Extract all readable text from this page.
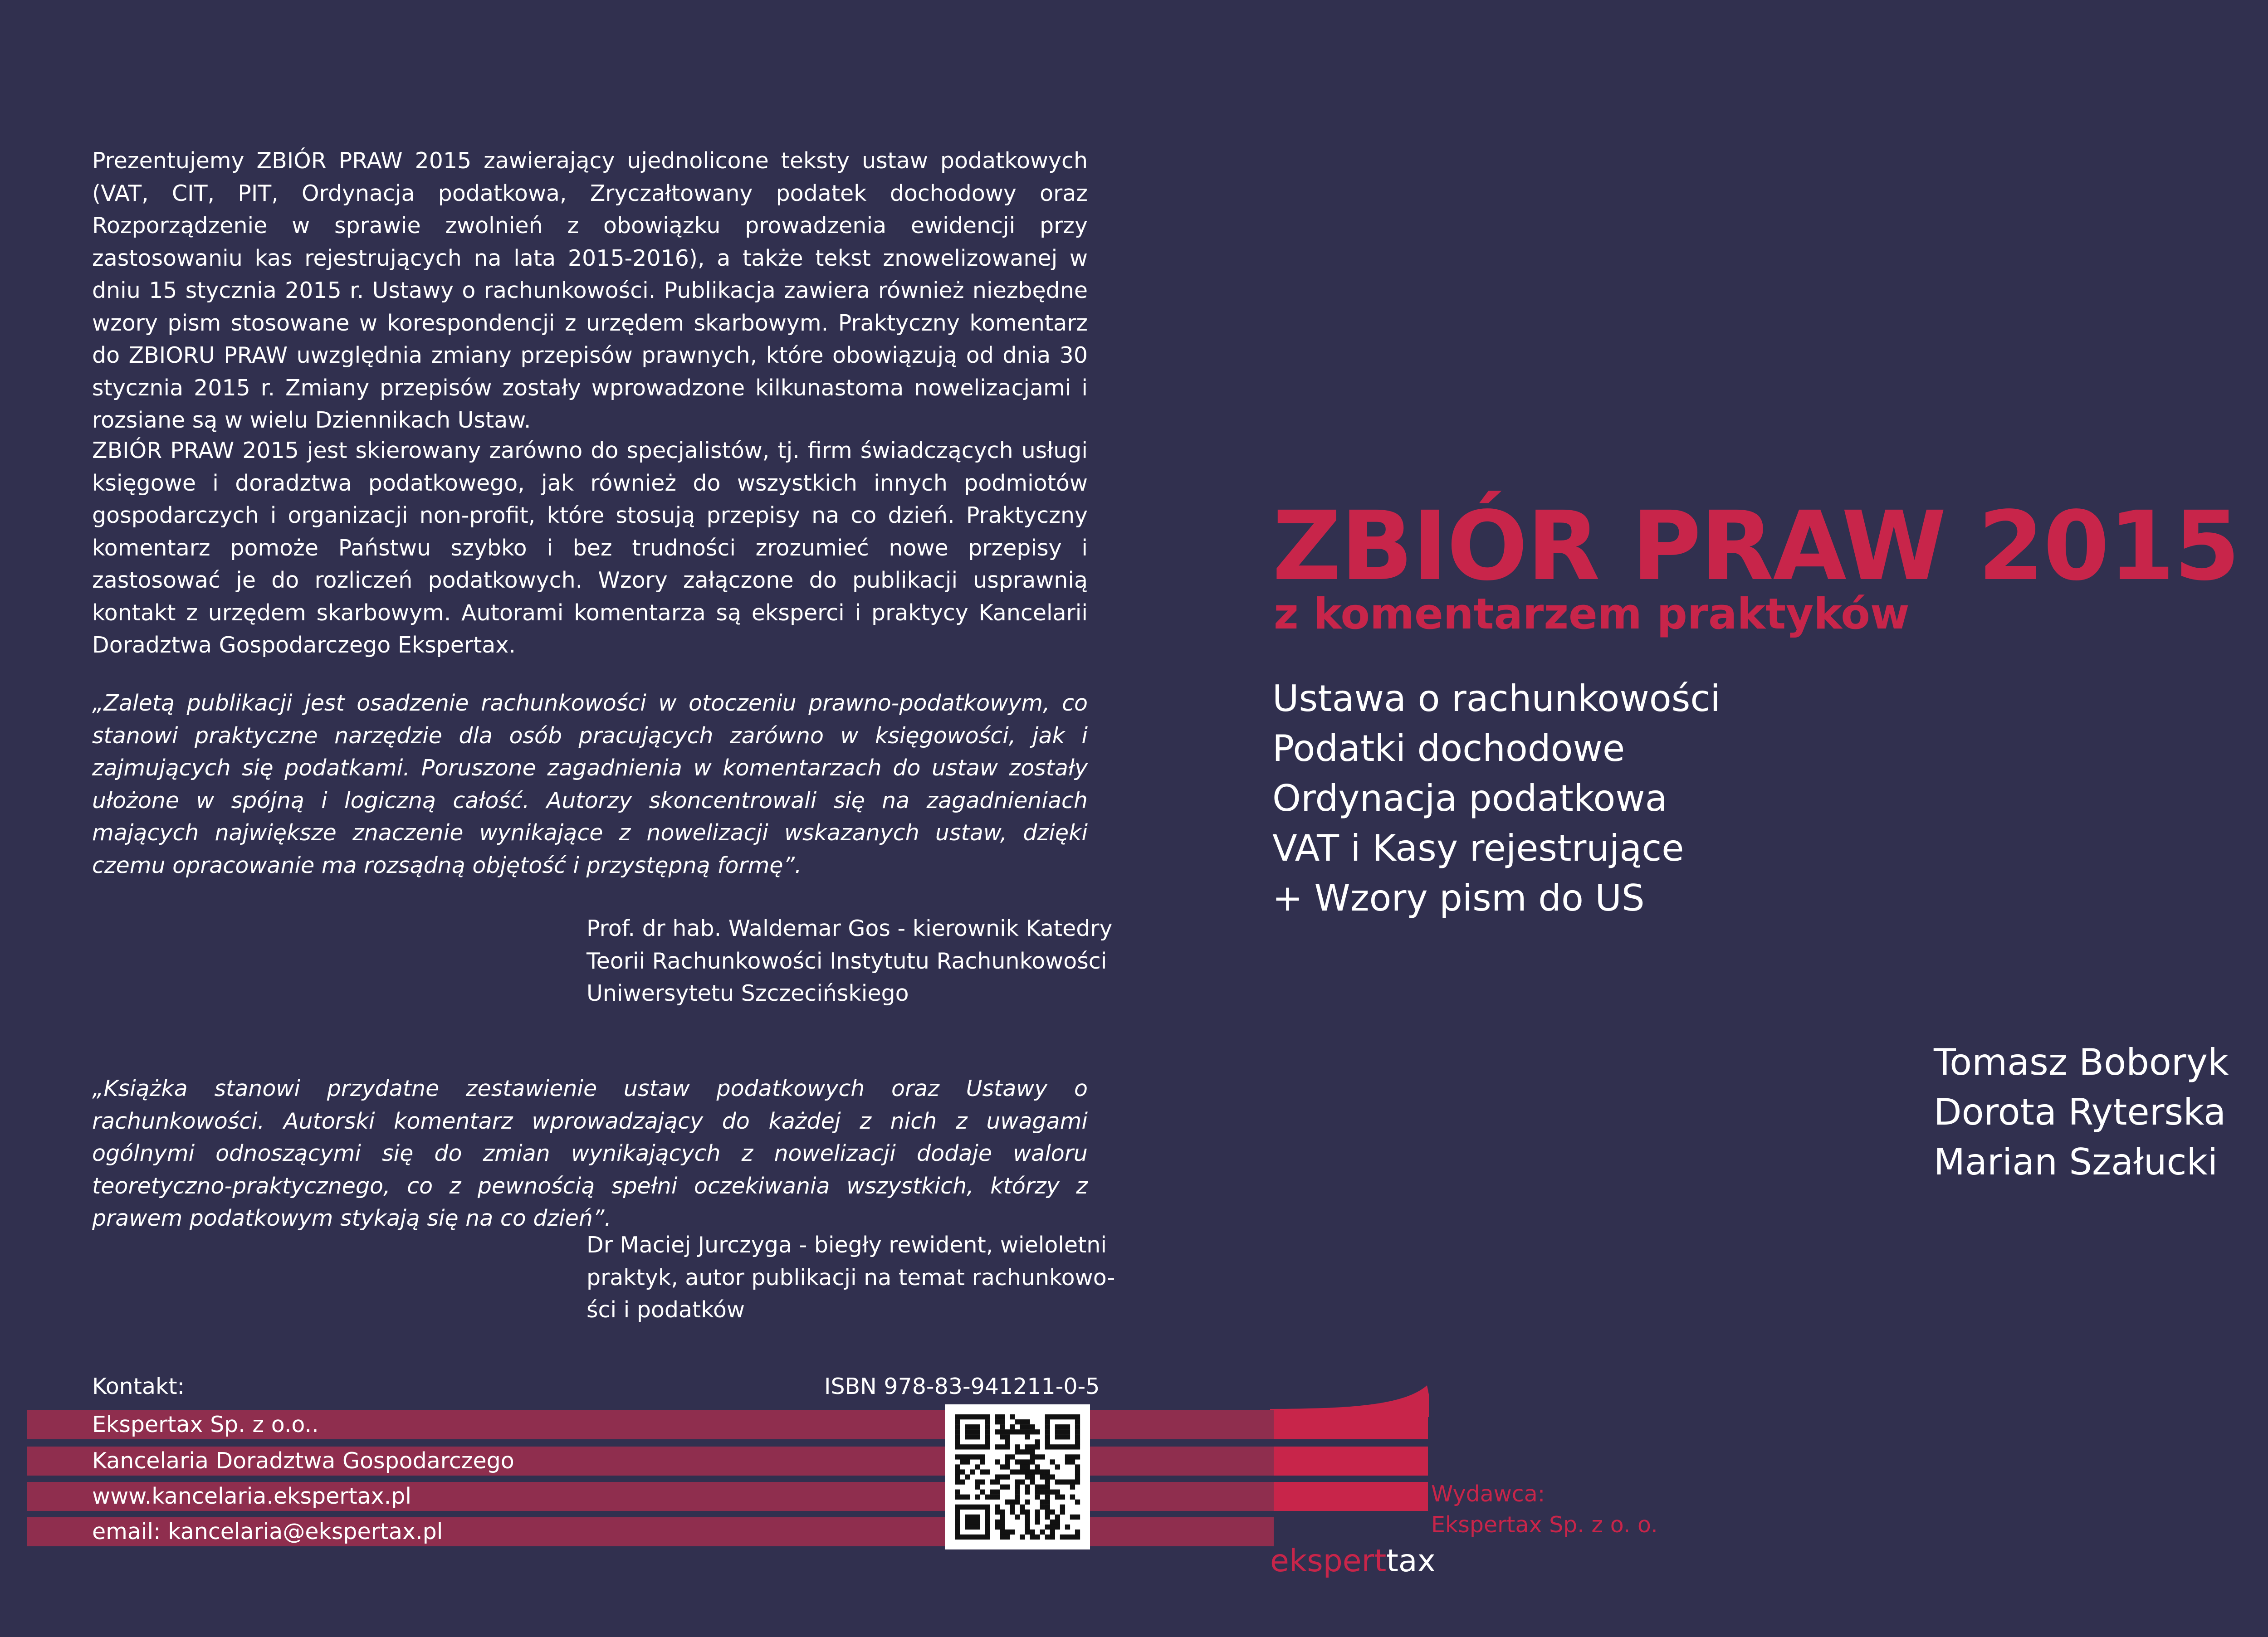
Prezentujemy ZBIÓR PRAW 2015 zawierający ujednolicone teksty ustaw podatkowych (VAT, CIT, PIT, Ordynacja podatkowa, Zryczałtowany podatek dochodowy oraz Rozporządzenie w sprawie zwolnień z obowiązku prowadzenia ewidencji przy zastosowaniu kas rejestrujących na lata 2015-2016), a także tekst znowelizowanej w dniu 15 stycznia 2015 r. Ustawy o rachunkowości. Publikacja zawiera również niezbędne wzory pism stosowane w korespondencji z urzędem skarbowym. Praktyczny komentarz do ZBIORU PRAW uwzględnia zmiany przepisów prawnych, które obowiązują od dnia 30 stycznia 2015 r. Zmiany przepisów zostały wprowadzone kilkunastoma nowelizacjami i rozsiane są w wielu Dziennikach Ustaw.

ZBIÓR PRAW 2015 jest skierowany zarówno do specjalistów, tj. firm świadczących usługi księgowe i doradztwa podatkowego, jak również do wszystkich innych podmiotów gospodarczych i organizacji non-profit, które stosują przepisy na co dzień. Praktyczny komentarz pomoże Państwu szybko i bez trudności zrozumieć nowe przepisy i zastosować je do rozliczeń podatkowych. Wzory załączone do publikacji usprawnią kontakt z urzędem skarbowym. Autorami komentarza są eksperci i praktycy Kancelarii Doradztwa Gospodarczego Ekspertax.

„Zaletą publikacji jest osadzenie rachunkowości w otoczeniu prawno-podatkowym, co stanowi praktyczne narzędzie dla osób pracujących zarówno w księgowości, jak i zajmujących się podatkami. Poruszone zagadnienia w komentarzach do ustaw zostały ułożone w spójną i logiczną całość. Autorzy skoncentrowali się na zagadnieniach mających największe znaczenie wynikające z nowelizacji wskazanych ustaw, dzięki czemu opracowanie ma rozsądną objętość i przystępną formę”.

Prof. dr hab. Waldemar Gos - kierownik Katedry
Teorii Rachunkowości Instytutu Rachunkowości
Uniwersytetu Szczecińskiego

„Książka stanowi przydatne zestawienie ustaw podatkowych oraz Ustawy o rachunkowości. Autorski komentarz wprowadzający do każdej z nich z uwagami ogólnymi odnoszącymi się do zmian wynikających z nowelizacji dodaje waloru teoretyczno-praktycznego, co z pewnością spełni oczekiwania wszystkich, którzy z prawem podatkowym stykają się na co dzień”.

Dr Maciej Jurczyga - biegły rewident, wieloletni
praktyk, autor publikacji na temat rachunkowo-
ści i podatków
Kontakt:	ISBN 978-83-941211-0-5
Ekspertax Sp. z o.o..
Kancelaria Doradztwa Gospodarczego
www.kancelaria.ekspertax.pl
email: kancelaria@ekspertax.pl
ZBIÓR PRAW 2015
z komentarzem praktyków
Ustawa o rachunkowości
Podatki dochodowe
Ordynacja podatkowa
VAT i Kasy rejestrujące
+ Wzory pism do US
Tomasz Boboryk
Dorota Ryterska
Marian Szałucki
Wydawca:
Ekspertax Sp. z o. o.
eksperttax
